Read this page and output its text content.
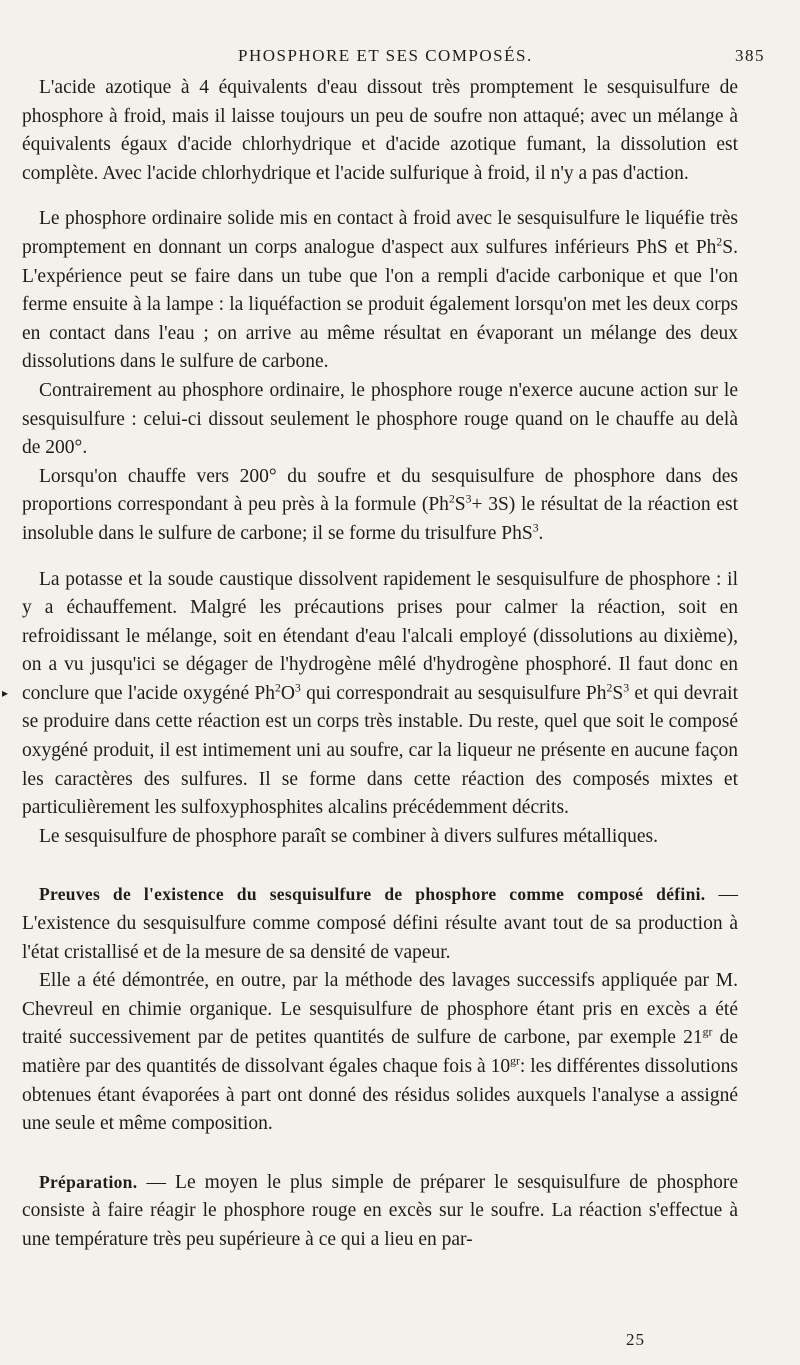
PHOSPHORE ET SES COMPOSÉS.	385
▸

L'acide azotique à 4 équivalents d'eau dissout très promptement le sesquisulfure de phosphore à froid, mais il laisse toujours un peu de soufre non attaqué; avec un mélange à équivalents égaux d'acide chlorhydrique et d'acide azotique fumant, la dissolution est complète. Avec l'acide chlorhydrique et l'acide sulfurique à froid, il n'y a pas d'action.

Le phosphore ordinaire solide mis en contact à froid avec le sesquisulfure le liquéfie très promptement en donnant un corps analogue d'aspect aux sulfures inférieurs PhS et Ph$^2$S. L'expérience peut se faire dans un tube que l'on a rempli d'acide carbonique et que l'on ferme ensuite à la lampe : la liquéfaction se produit également lorsqu'on met les deux corps en contact dans l'eau ; on arrive au même résultat en évaporant un mélange des deux dissolutions dans le sulfure de carbone.

Contrairement au phosphore ordinaire, le phosphore rouge n'exerce aucune action sur le sesquisulfure : celui-ci dissout seulement le phosphore rouge quand on le chauffe au delà de 200°.

Lorsqu'on chauffe vers 200° du soufre et du sesquisulfure de phosphore dans des proportions correspondant à peu près à la formule $(Ph^2S^3+ 3S)$ le résultat de la réaction est insoluble dans le sulfure de carbone; il se forme du trisulfure PhS$^3$.

La potasse et la soude caustique dissolvent rapidement le sesquisulfure de phosphore : il y a échauffement. Malgré les précautions prises pour calmer la réaction, soit en refroidissant le mélange, soit en étendant d'eau l'alcali employé (dissolutions au dixième), on a vu jusqu'ici se dégager de l'hydrogène mêlé d'hydrogène phosphoré. Il faut donc en conclure que l'acide oxygéné $Ph^2O^3$ qui correspondrait au sesquisulfure $Ph^2S^3$ et qui devrait se produire dans cette réaction est un corps très instable. Du reste, quel que soit le composé oxygéné produit, il est intimement uni au soufre, car la liqueur ne présente en aucune façon les caractères des sulfures. Il se forme dans cette réaction des composés mixtes et particulièrement les sulfoxyphosphites alcalins précédemment décrits.

Le sesquisulfure de phosphore paraît se combiner à divers sulfures métalliques.

Preuves de l'existence du sesquisulfure de phosphore comme composé défini. — L'existence du sesquisulfure comme composé défini résulte avant tout de sa production à l'état cristallisé et de la mesure de sa densité de vapeur.

Elle a été démontrée, en outre, par la méthode des lavages successifs appliquée par M. Chevreul en chimie organique. Le sesquisulfure de phosphore étant pris en excès a été traité successivement par de petites quantités de sulfure de carbone, par exemple $21^{gr}$ de matière par des quantités de dissolvant égales chaque fois à $10^{gr}$: les différentes dissolutions obtenues étant évaporées à part ont donné des résidus solides auxquels l'analyse a assigné une seule et même composition.

Préparation. — Le moyen le plus simple de préparer le sesquisulfure de phosphore consiste à faire réagir le phosphore rouge en excès sur le soufre. La réaction s'effectue à une température très peu supérieure à ce qui a lieu en par-

25
